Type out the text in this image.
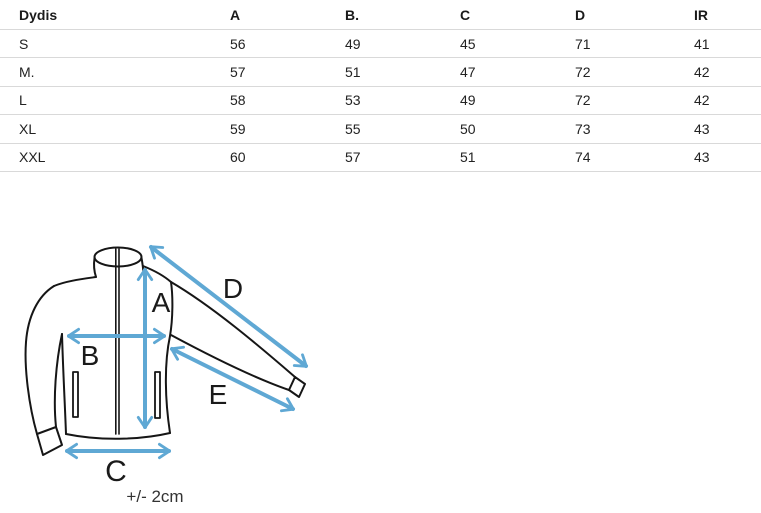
Dydis	A	B.	C	D	IR
S	56	49	45	71	41
M.	57	51	47	72	42
L	58	53	49	72	42
XL	59	55	50	73	43
XXL	60	57	51	74	43
A
B
C
D
E
+/- 2cm
